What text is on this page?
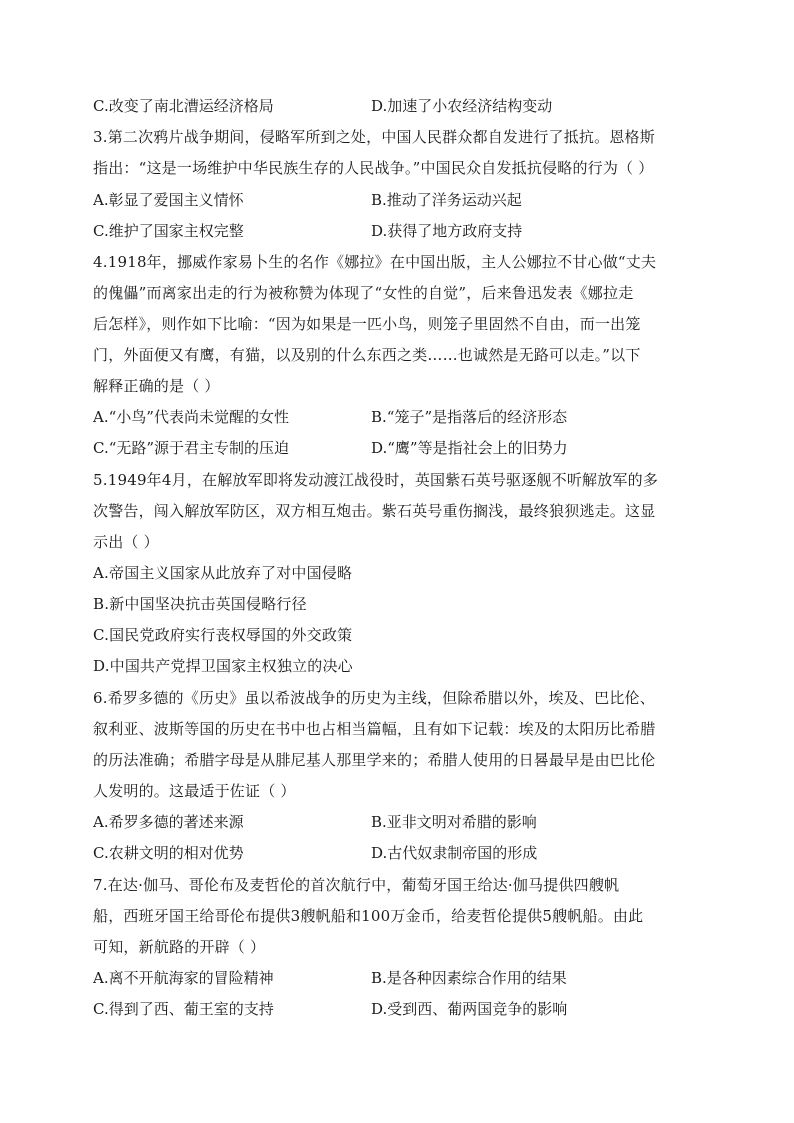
C.改变了南北漕运经济格局	D.加速了小农经济结构变动
3.第二次鸦片战争期间，侵略军所到之处，中国人民群众都自发进行了抵抗。恩格斯
指出：“这是一场维护中华民族生存的人民战争。”中国民众自发抵抗侵略的行为（ ）
A.彰显了爱国主义情怀	B.推动了洋务运动兴起
C.维护了国家主权完整	D.获得了地方政府支持
4.1918年，挪威作家易卜生的名作《娜拉》在中国出版，主人公娜拉不甘心做“丈夫
的傀儡”而离家出走的行为被称赞为体现了“女性的自觉”，后来鲁迅发表《娜拉走
后怎样》，则作如下比喻：“因为如果是一匹小鸟，则笼子里固然不自由，而一出笼
门，外面便又有鹰，有猫，以及别的什么东西之类……也诚然是无路可以走。”以下
解释正确的是（ ）
A.“小鸟”代表尚未觉醒的女性	B.“笼子”是指落后的经济形态
C.“无路”源于君主专制的压迫	D.“鹰”等是指社会上的旧势力
5.1949年4月，在解放军即将发动渡江战役时，英国紫石英号驱逐舰不听解放军的多
次警告，闯入解放军防区，双方相互炮击。紫石英号重伤搁浅，最终狼狈逃走。这显
示出（ ）
A.帝国主义国家从此放弃了对中国侵略
B.新中国坚决抗击英国侵略行径
C.国民党政府实行丧权辱国的外交政策
D.中国共产党捍卫国家主权独立的决心
6.希罗多德的《历史》虽以希波战争的历史为主线，但除希腊以外，埃及、巴比伦、
叙利亚、波斯等国的历史在书中也占相当篇幅，且有如下记载：埃及的太阳历比希腊
的历法准确；希腊字母是从腓尼基人那里学来的；希腊人使用的日晷最早是由巴比伦
人发明的。这最适于佐证（ ）
A.希罗多德的著述来源	B.亚非文明对希腊的影响
C.农耕文明的相对优势	D.古代奴隶制帝国的形成
7.在达·伽马、哥伦布及麦哲伦的首次航行中，葡萄牙国王给达·伽马提供四艘帆
船，西班牙国王给哥伦布提供3艘帆船和100万金币，给麦哲伦提供5艘帆船。由此
可知，新航路的开辟（ ）
A.离不开航海家的冒险精神	B.是各种因素综合作用的结果
C.得到了西、葡王室的支持	D.受到西、葡两国竞争的影响
